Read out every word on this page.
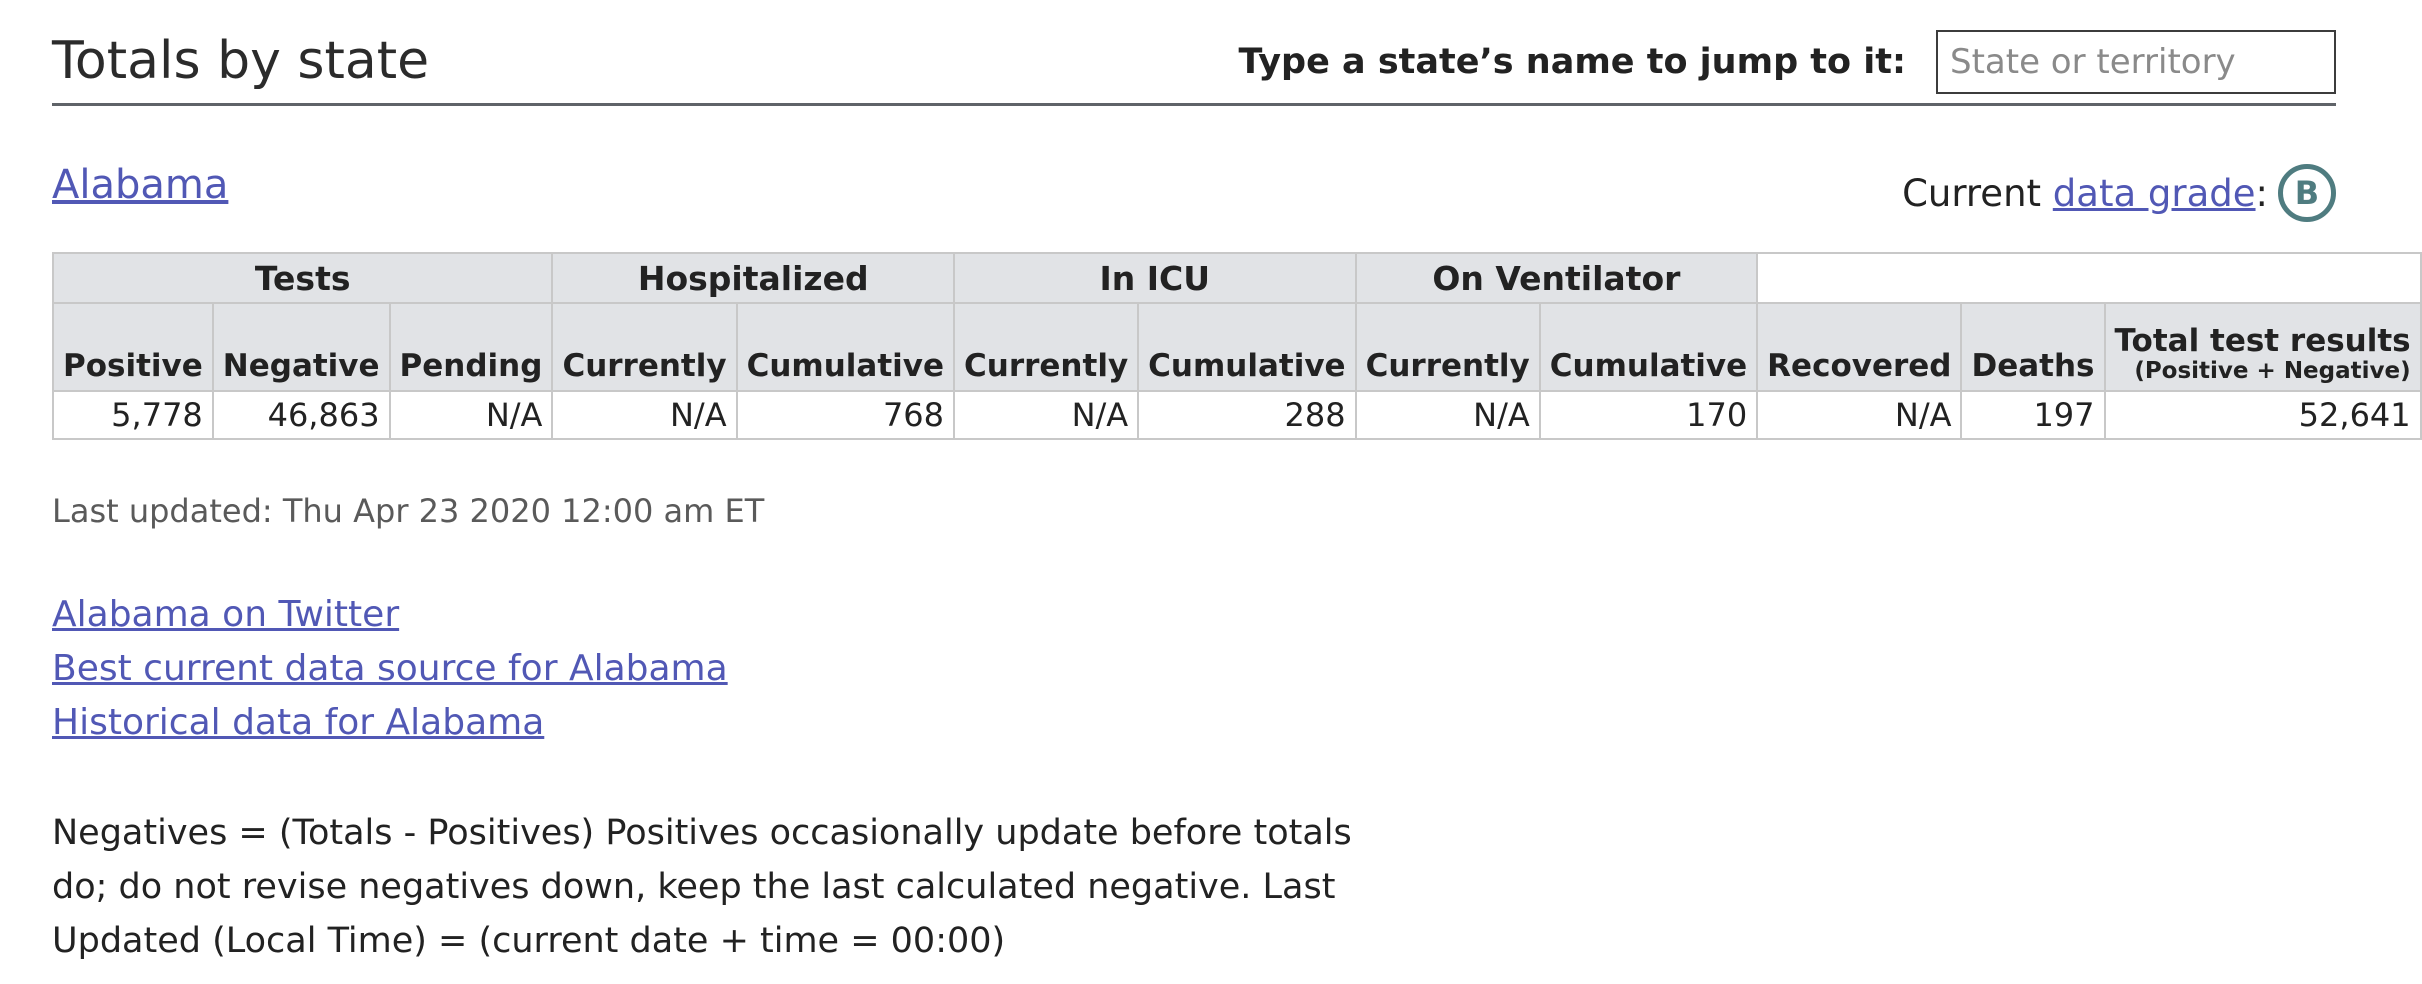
Totals by state	Type a state’s name to jump to it:
State or territory
Alabama	Current data grade : B
Tests			Hospitalized		In ICU		On Ventilator				
Positive	Negative	Pending	Currently	Cumulative	Currently	Cumulative	Currently	Cumulative	Recovered	Deaths	Total test results
(Positive + Negative)

5,778	46,863	N/A	N/A	768	N/A	288	N/A	170	N/A	197	52,641
Last updated: Thu Apr 23 2020 12:00 am ET
Alabama on Twitter
Best current data source for Alabama
Historical data for Alabama
Negatives = (Totals - Positives) Positives occasionally update before totals do; do not revise negatives down, keep the last calculated negative. Last Updated (Local Time) = (current date + time = 00:00)
